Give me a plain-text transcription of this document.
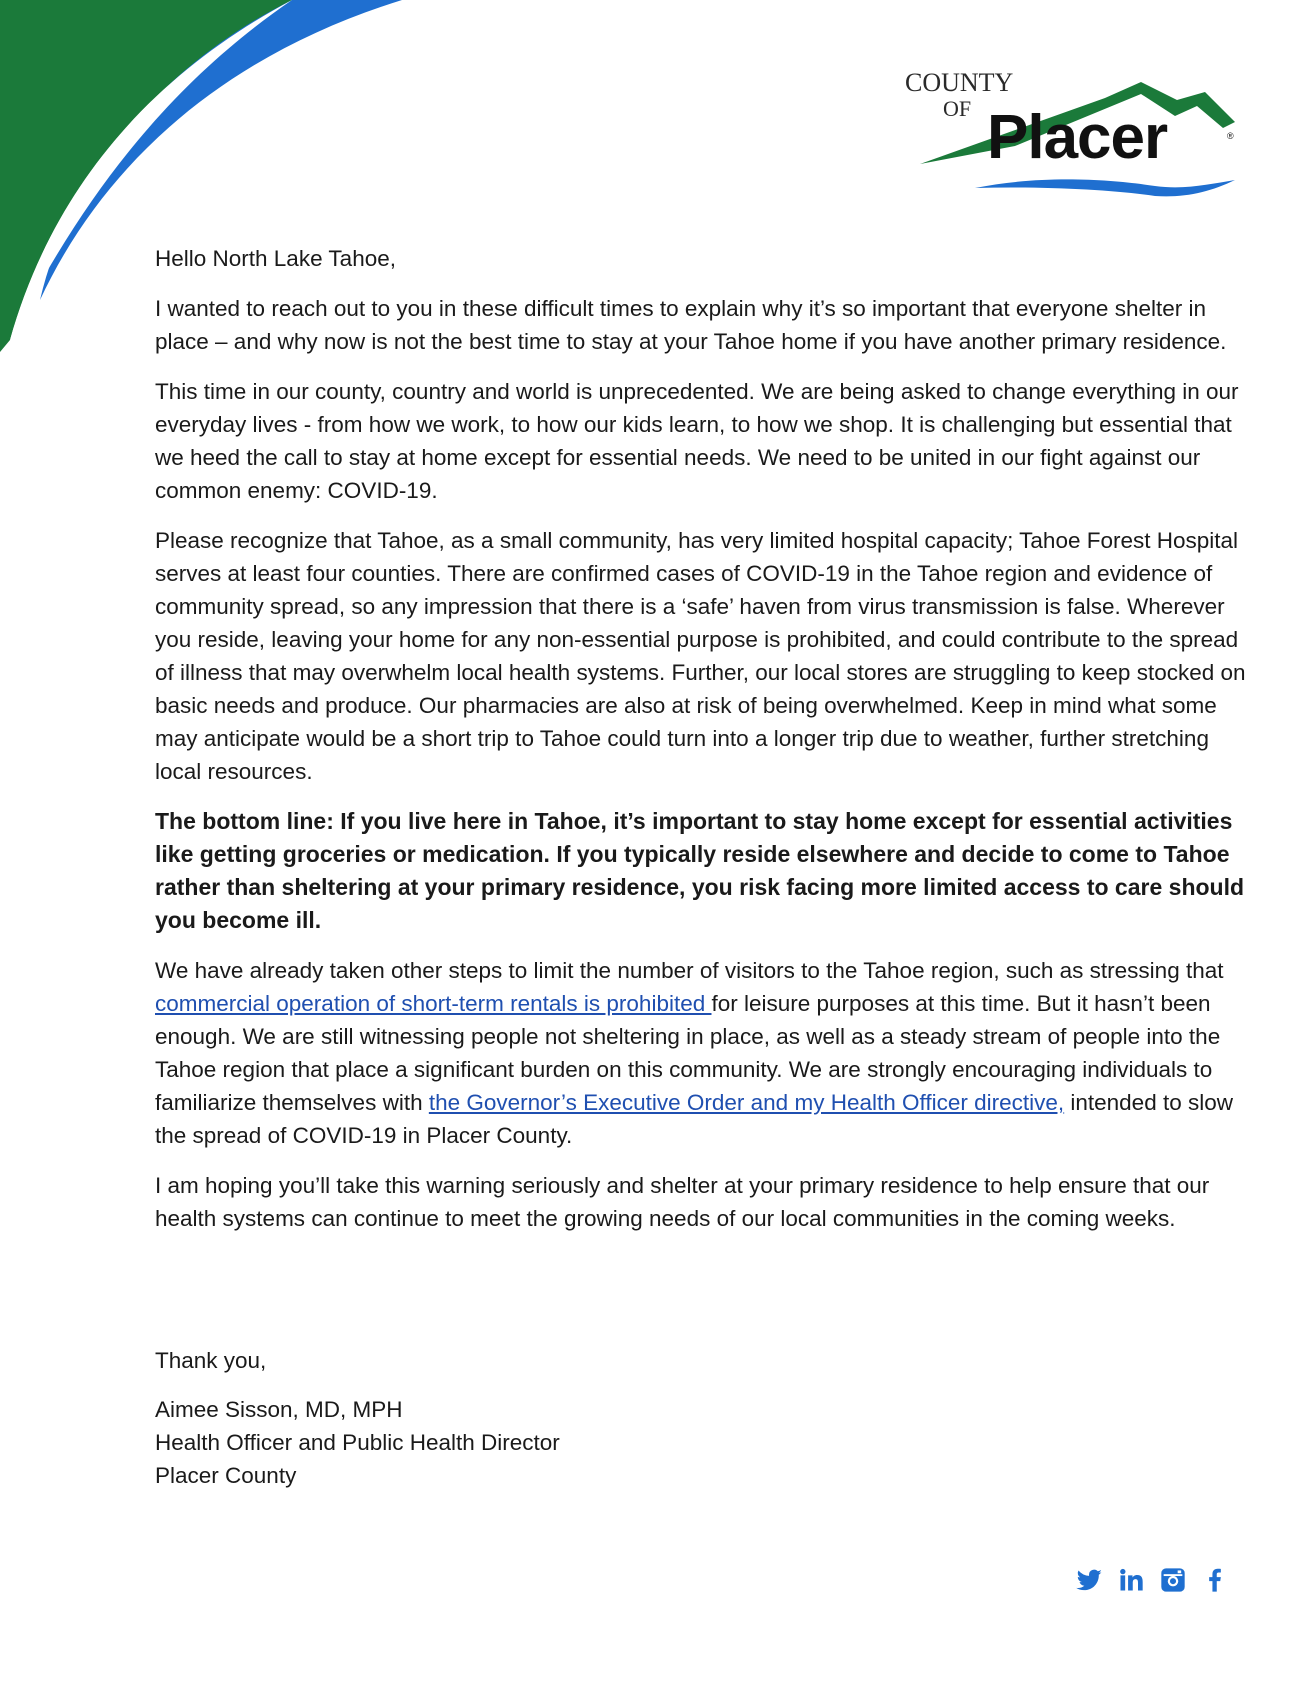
COUNTY
OF Placer	®

Hello North Lake Tahoe,

I wanted to reach out to you in these difficult times to explain why it’s so important that everyone shelter in place – and why now is not the best time to stay at your Tahoe home if you have another primary residence.

This time in our county, country and world is unprecedented. We are being asked to change everything in our everyday lives - from how we work, to how our kids learn, to how we shop. It is challenging but essential that we heed the call to stay at home except for essential needs. We need to be united in our fight against our common enemy: COVID-19.

Please recognize that Tahoe, as a small community, has very limited hospital capacity; Tahoe Forest Hospital serves at least four counties. There are confirmed cases of COVID-19 in the Tahoe region and evidence of community spread, so any impression that there is a ‘safe’ haven from virus transmission is false. Wherever you reside, leaving your home for any non-essential purpose is prohibited, and could contribute to the spread of illness that may overwhelm local health systems. Further, our local stores are struggling to keep stocked on basic needs and produce. Our pharmacies are also at risk of being overwhelmed. Keep in mind what some may anticipate would be a short trip to Tahoe could turn into a longer trip due to weather, further stretching local resources.

The bottom line: If you live here in Tahoe, it’s important to stay home except for essential activities like getting groceries or medication. If you typically reside elsewhere and decide to come to Tahoe rather than sheltering at your primary residence, you risk facing more limited access to care should you become ill.

We have already taken other steps to limit the number of visitors to the Tahoe region, such as stressing that commercial operation of short-term rentals is prohibited for leisure purposes at this time. But it hasn’t been enough. We are still witnessing people not sheltering in place, as well as a steady stream of people into the Tahoe region that place a significant burden on this community. We are strongly encouraging individuals to familiarize themselves with the Governor’s Executive Order and my Health Officer directive, intended to slow the spread of COVID-19 in Placer County.

I am hoping you’ll take this warning seriously and shelter at your primary residence to help ensure that our health systems can continue to meet the growing needs of our local communities in the coming weeks.

Thank you,
Aimee Sisson, MD, MPH
Health Officer and Public Health Director
Placer County
